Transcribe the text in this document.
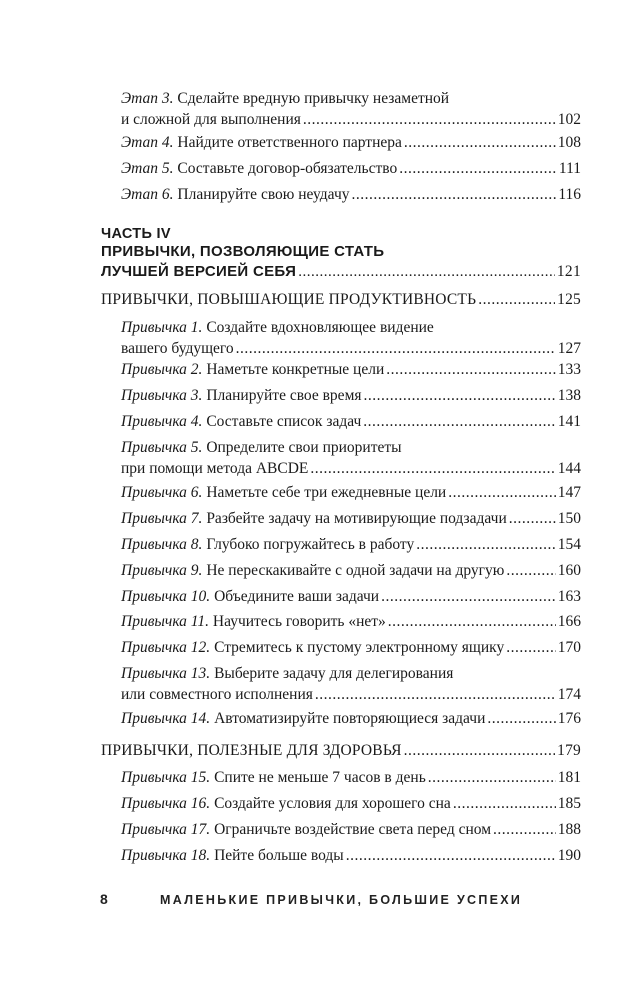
Этап 3. Сделайте вредную привычку незаметной
и сложной для выполнения .....	102
Этап 4. Найдите ответственного партнера .....	108
Этап 5. Составьте договор-обязательство .....	111
Этап 6. Планируйте свою неудачу .....	116
ЧАСТЬ IV
ПРИВЫЧКИ, ПОЗВОЛЯЮЩИЕ СТАТЬ
ЛУЧШЕЙ ВЕРСИЕЙ СЕБЯ .....	121
ПРИВЫЧКИ, ПОВЫШАЮЩИЕ ПРОДУКТИВНОСТЬ .....	125
Привычка 1. Создайте вдохновляющее видение
вашего будущего .....	127
Привычка 2. Наметьте конкретные цели .....	133
Привычка 3. Планируйте свое время .....	138
Привычка 4. Составьте список задач .....	141
Привычка 5. Определите свои приоритеты
при помощи метода ABCDE .....	144
Привычка 6. Наметьте себе три ежедневные цели .....	147
Привычка 7. Разбейте задачу на мотивирующие подзадачи .....	150
Привычка 8. Глубоко погружайтесь в работу .....	154
Привычка 9. Не перескакивайте с одной задачи на другую .....	160
Привычка 10. Объедините ваши задачи .....	163
Привычка 11. Научитесь говорить «нет» .....	166
Привычка 12. Стремитесь к пустому электронному ящику .....	170
Привычка 13. Выберите задачу для делегирования
или совместного исполнения .....	174
Привычка 14. Автоматизируйте повторяющиеся задачи .....	176
ПРИВЫЧКИ, ПОЛЕЗНЫЕ ДЛЯ ЗДОРОВЬЯ .....	179
Привычка 15. Спите не меньше 7 часов в день .....	181
Привычка 16. Создайте условия для хорошего сна .....	185
Привычка 17. Ограничьте воздействие света перед сном .....	188
Привычка 18. Пейте больше воды .....	190
8	МАЛЕНЬКИЕ ПРИВЫЧКИ, БОЛЬШИЕ УСПЕХИ
